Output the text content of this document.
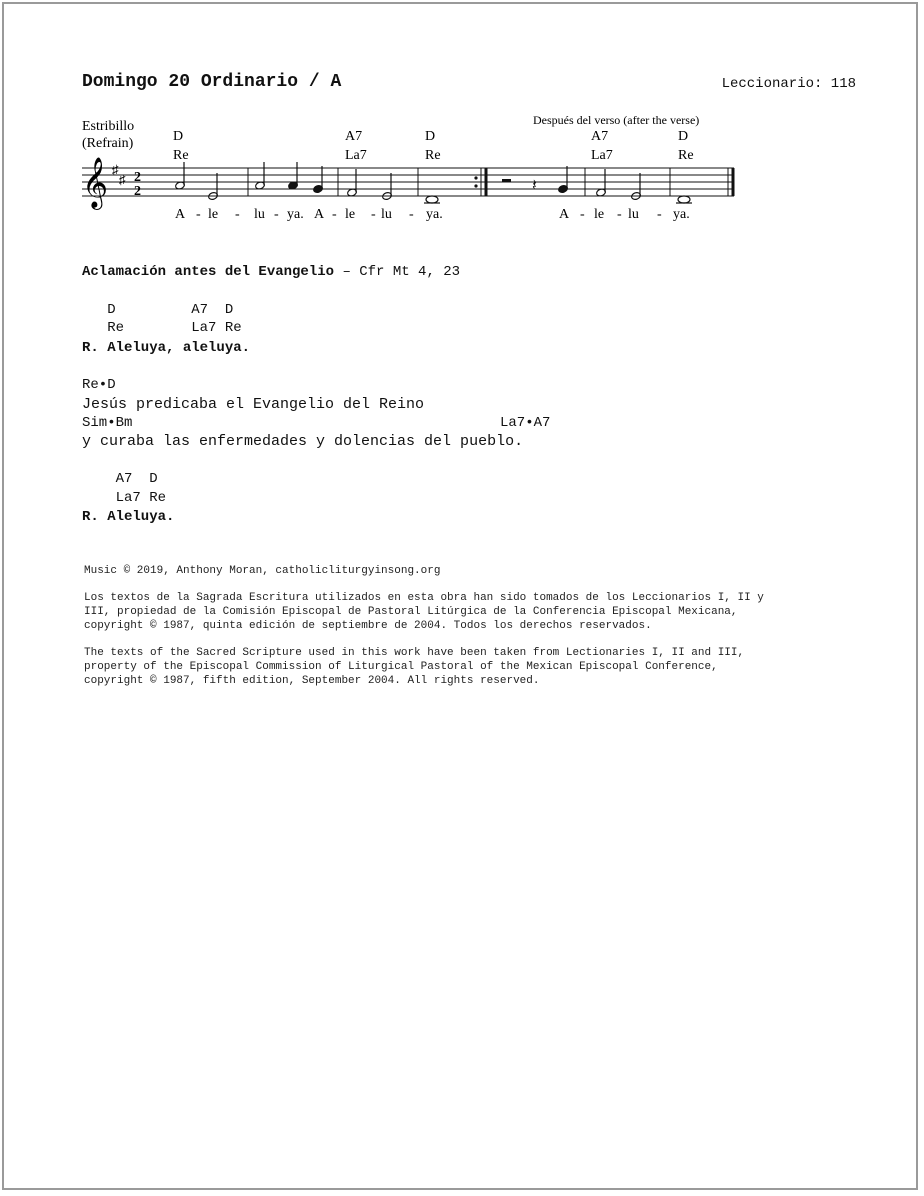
Domingo 20 Ordinario / A	Leccionario: 118
Estribillo
(Refrain)
Después del verso (after the verse)
D	A7	D	A7	D
Re	La7	Re	La7	Re
𝄞 ♯
♯ 2
2	𝄽
A - le - lu - ya. A - le - lu - ya.	A - le - lu - ya.
Aclamación antes del Evangelio – Cfr Mt 4, 23
D         A7  D
Re        La7 Re
R. Aleluya, aleluya.
Re•D
Jesús predicaba el Evangelio del Reino
Sim•Bm	La7•A7
y curaba las enfermedades y dolencias del pueblo.
A7  D
La7 Re
R. Aleluya.
Music © 2019, Anthony Moran, catholicliturgyinsong.org
Los textos de la Sagrada Escritura utilizados en esta obra han sido tomados de los Leccionarios I, II y
III, propiedad de la Comisión Episcopal de Pastoral Litúrgica de la Conferencia Episcopal Mexicana,
copyright © 1987, quinta edición de septiembre de 2004. Todos los derechos reservados.
The texts of the Sacred Scripture used in this work have been taken from Lectionaries I, II and III,
property of the Episcopal Commission of Liturgical Pastoral of the Mexican Episcopal Conference,
copyright © 1987, fifth edition, September 2004. All rights reserved.
